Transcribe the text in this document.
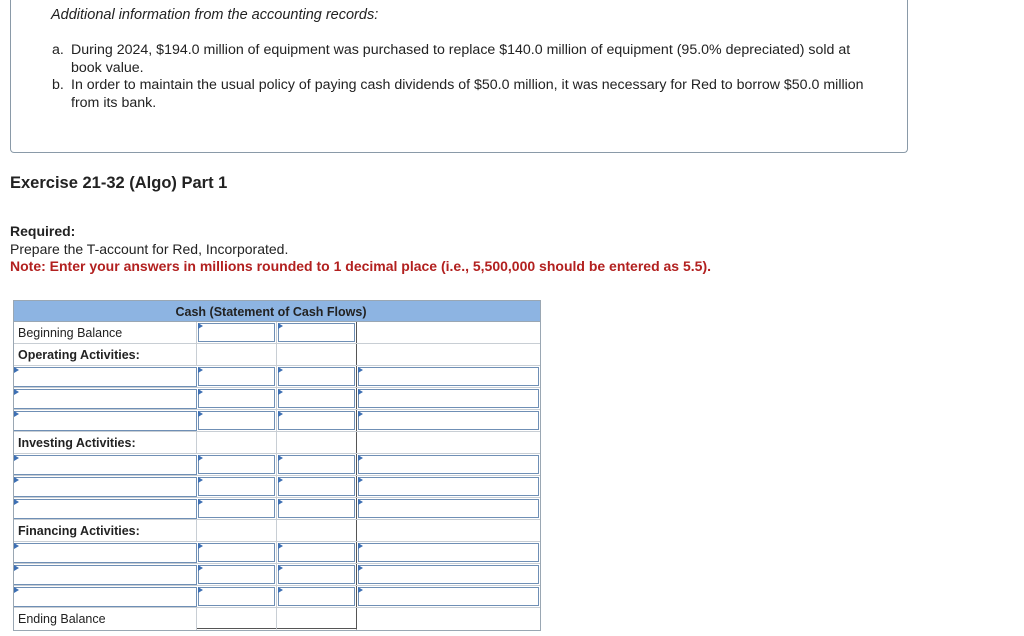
Additional information from the accounting records:
a. During 2024, $194.0 million of equipment was purchased to replace $140.0 million of equipment (95.0% depreciated) sold at book value.
b. In order to maintain the usual policy of paying cash dividends of $50.0 million, it was necessary for Red to borrow $50.0 million from its bank.
Exercise 21-32 (Algo) Part 1
Required:
Prepare the T-account for Red, Incorporated.
Note: Enter your answers in millions rounded to 1 decimal place (i.e., 5,500,000 should be entered as 5.5).
Cash (Statement of Cash Flows)
Beginning Balance
Operating Activities:
Investing Activities:
Financing Activities:
Ending Balance
